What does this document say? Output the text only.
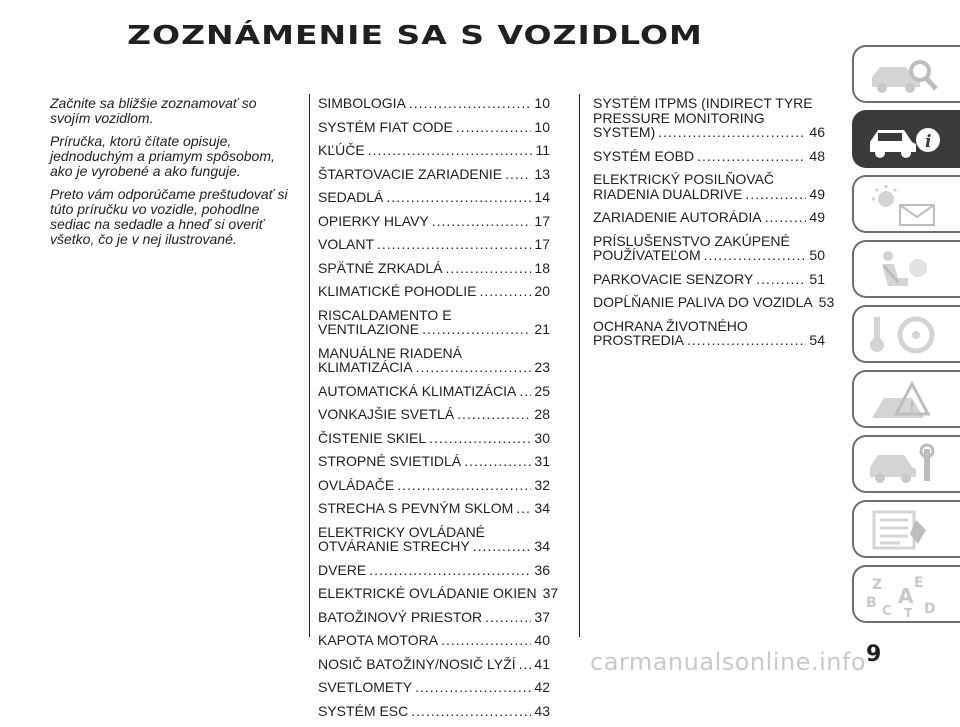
ZOZNÁMENIE SA S VOZIDLOM

Začnite sa bližšie zoznamovať so svojím vozidlom.

Príručka, ktorú čítate opisuje, jednoduchým a priamym spôsobom, ako je vyrobené a ako funguje.

Preto vám odporúčame preštudovať si túto príručku vo vozidle, pohodlne sediac na sedadle a hneď si overiť všetko, čo je v nej ilustrované.

SIMBOLOGIA .....	10
SYSTÉM FIAT CODE .....	10
KĽÚČE .....	11
ŠTARTOVACIE ZARIADENIE ..... 13
SEDADLÁ .....	14
OPIERKY HLAVY .....	17
VOLANT .....	17
SPÄTNÉ ZRKADLÁ .....	18
KLIMATICKÉ POHODLIE .....	20
RISCALDAMENTO E
VENTILAZIONE .....	21
MANUÁLNE RIADENÁ
KLIMATIZÁCIA .....	23
AUTOMATICKÁ KLIMATIZÁCIA ..... 25
VONKAJŠIE SVETLÁ .....	28
ČISTENIE SKIEL .....	30
STROPNÉ SVIETIDLÁ .....	31
OVLÁDAČE .....	32
STRECHA S PEVNÝM SKLOM ..... 34
ELEKTRICKY OVLÁDANÉ
OTVÁRANIE STRECHY .....	34
DVERE .....	36
ELEKTRICKÉ OVLÁDANIE OKIEN 37
BATOŽINOVÝ PRIESTOR .....	37
KAPOTA MOTORA .....	40
NOSIČ BATOŽINY/NOSIČ LYŽÍ ..... 41
SVETLOMETY .....	42
SYSTÉM ESC .....	43
SYSTÉM ITPMS (INDIRECT TYRE
PRESSURE MONITORING
SYSTEM) .....	46
SYSTÉM EOBD .....	48
ELEKTRICKÝ POSILŇOVAČ
RIADENIA DUALDRIVE .....	49
ZARIADENIE AUTORÁDIA .....	49
PRÍSLUŠENSTVO ZAKÚPENÉ
POUŽÍVATEĽOM .....	50
PARKOVACIE SENZORY .....	51
DOPĹŇANIE PALIVA DO VOZIDLA 53
OCHRANA ŽIVOTNÉHO
PROSTREDIA .....	54
i
!
Z E
B A
C D
T
9
carmanualsonline.info
